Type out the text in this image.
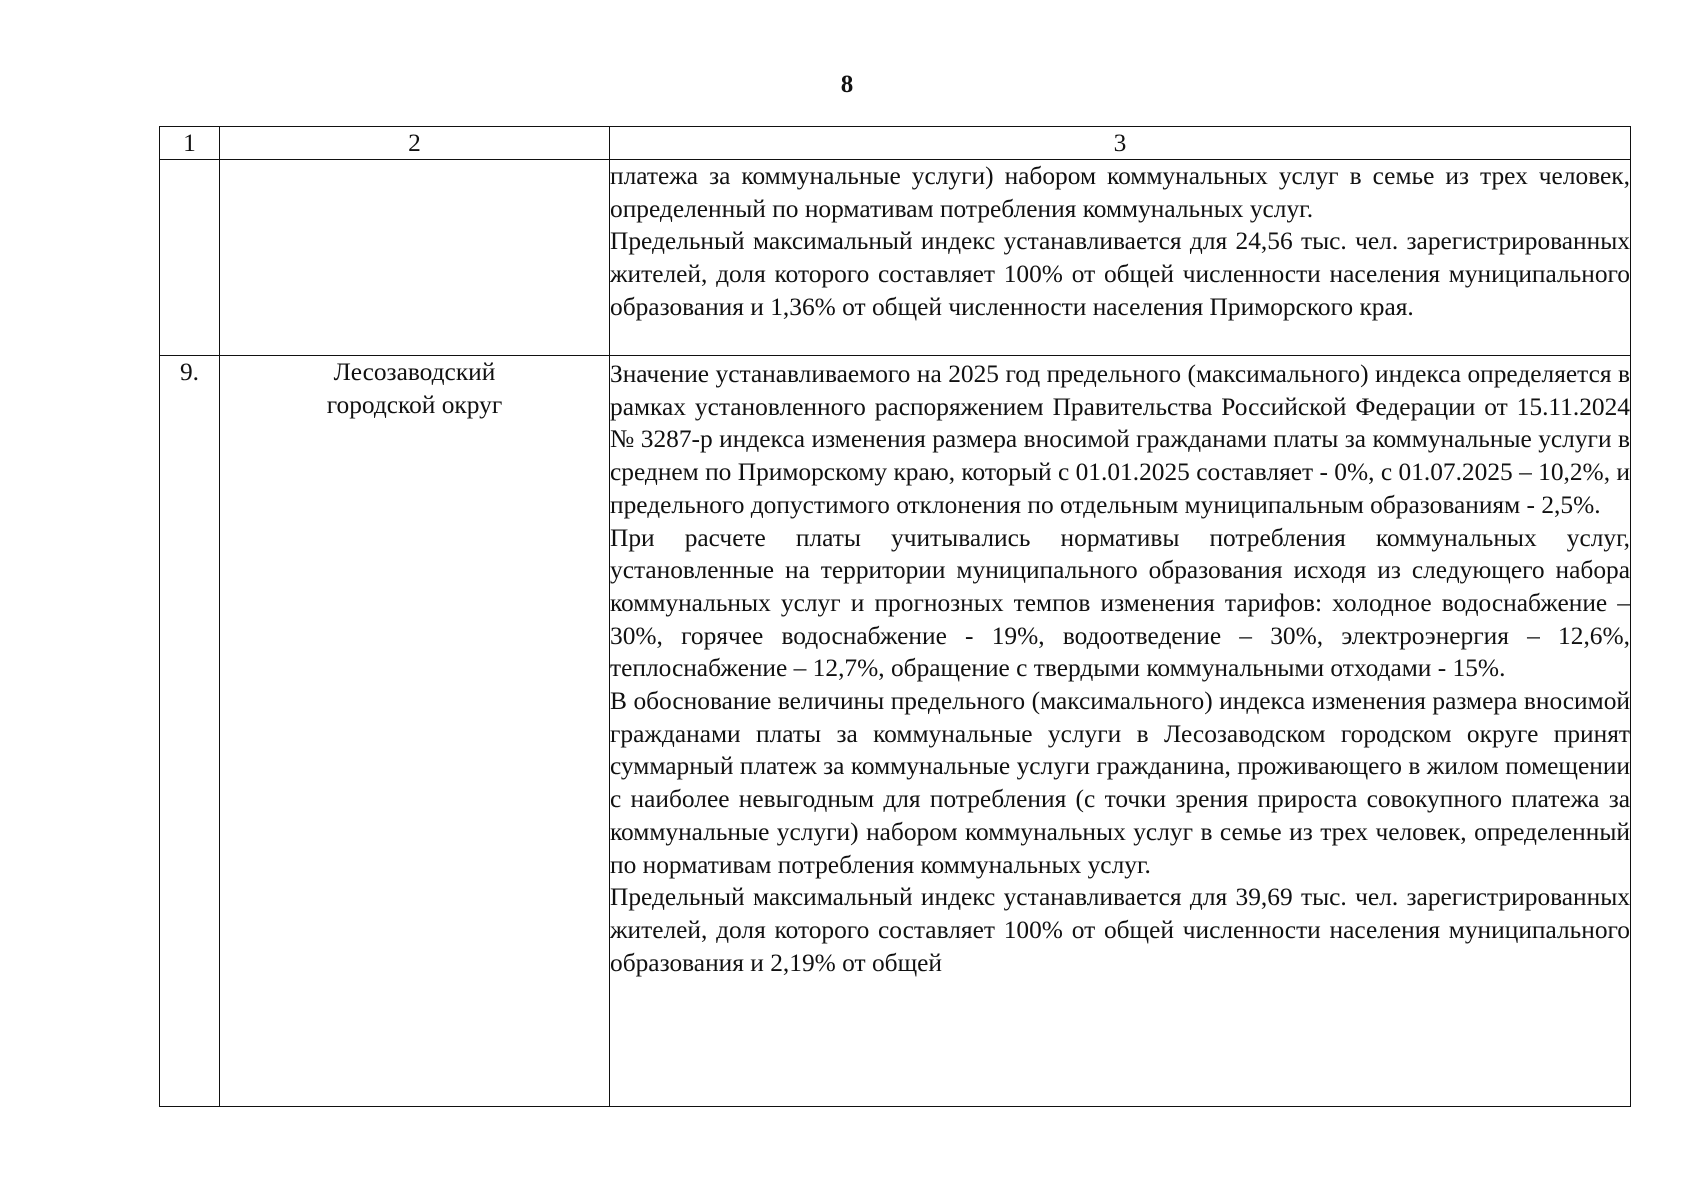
8
1	2	3

		платежа за коммунальные услуги) набором коммунальных услуг в семье из трех человек, определенный по нормативам потребления коммунальных услуг.

Предельный максимальный индекс устанавливается для 24,56 тыс. чел. зарегистрированных жителей, доля которого составляет 100% от общей численности населения муниципального образования и 1,36% от общей численности населения Приморского края.

9.	Лесозаводский городской округ	Значение устанавливаемого на 2025 год предельного (максимального) индекса определяется в рамках установленного распоряжением Правительства Российской Федерации от 15.11.2024 № 3287-р индекса изменения размера вносимой гражданами платы за коммунальные услуги в среднем по Приморскому краю, который с 01.01.2025 составляет - 0%, с 01.07.2025 – 10,2%, и предельного допустимого отклонения по отдельным муниципальным образованиям - 2,5%.

При расчете платы учитывались нормативы потребления коммунальных услуг, установленные на территории муниципального образования исходя из следующего набора коммунальных услуг и прогнозных темпов изменения тарифов: холодное водоснабжение – 30%, горячее водоснабжение - 19%, водоотведение – 30%, электроэнергия – 12,6%, теплоснабжение – 12,7%, обращение с твердыми коммунальными отходами - 15%.

В обоснование величины предельного (максимального) индекса изменения размера вносимой гражданами платы за коммунальные услуги в Лесозаводском городском округе принят суммарный платеж за коммунальные услуги гражданина, проживающего в жилом помещении с наиболее невыгодным для потребления (с точки зрения прироста совокупного платежа за коммунальные услуги) набором коммунальных услуг в семье из трех человек, определенный по нормативам потребления коммунальных услуг.

Предельный максимальный индекс устанавливается для 39,69 тыс. чел. зарегистрированных жителей, доля которого составляет 100% от общей численности населения муниципального образования и 2,19% от общей
